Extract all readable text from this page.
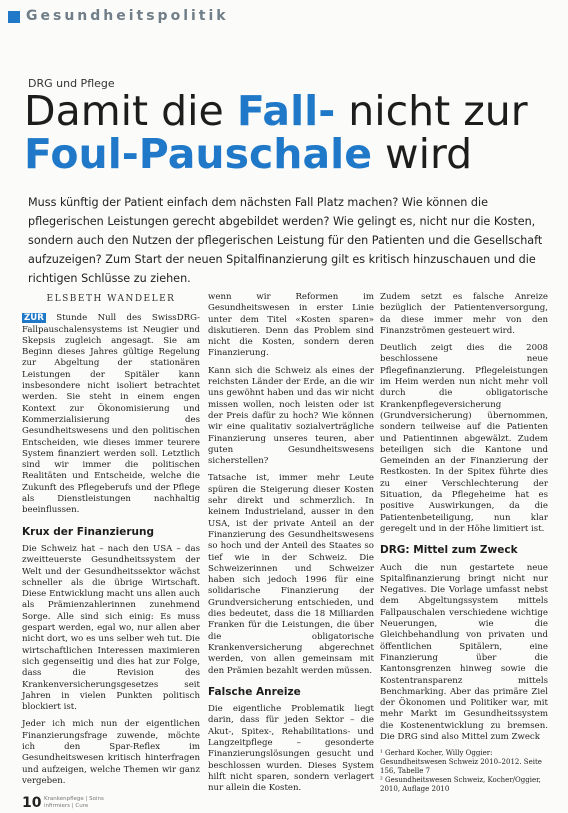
Gesundheitspolitik
DRG und Pflege
Damit die Fall- nicht zur
Foul-Pauschale wird
Muss künftig der Patient einfach dem nächsten Fall Platz machen? Wie können die pflegerischen Leistungen gerecht abgebildet werden? Wie gelingt es, nicht nur die Kosten, sondern auch den Nutzen der pflegerischen Leistung für den Patienten und die Gesellschaft aufzuzeigen? Zum Start der neuen Spitalfinanzierung gilt es kritisch hinzuschauen und die richtigen Schlüsse zu ziehen.
ELSBETH WANDELER

ZUR Stunde Null des SwissDRG-Fallpauschalensystems ist Neugier und Skepsis zugleich angesagt. Sie am Beginn dieses Jahres gültige Regelung zur Abgeltung der stationären Leistungen der Spitäler kann insbesondere nicht isoliert betrachtet werden. Sie steht in einem engen Kontext zur Ökonomisierung und Kommerzialisierung des Gesundheitswesens und den politischen Entscheiden, wie dieses immer teurere System finanziert werden soll. Letztlich sind wir immer die politischen Realitäten und Entscheide, welche die Zukunft des Pflegeberufs und der Pflege als Dienstleistungen nachhaltig beeinflussen.

Krux der Finanzierung

Die Schweiz hat – nach den USA – das zweitteuerste Gesundheitssystem der Welt und der Gesundheitssektor wächst schneller als die übrige Wirtschaft. Diese Entwicklung macht uns allen auch als Prämienzahlerinnen zunehmend Sorge. Alle sind sich einig: Es muss gespart werden, egal wo, nur allen aber nicht dort, wo es uns selber weh tut. Die wirtschaftlichen Interessen maximieren sich gegenseitig und dies hat zur Folge, dass die Revision des Krankenversicherungsgesetzes seit Jahren in vielen Punkten politisch blockiert ist.

Jeder ich mich nun der eigentlichen Finanzierungsfrage zuwende, möchte ich den Spar-Reflex im Gesundheitswesen kritisch hinterfragen und aufzeigen, welche Themen wir ganz vergeben.

wenn wir Reformen im Gesundheitswesen in erster Linie unter dem Titel «Kosten sparen» diskutieren. Denn das Problem sind nicht die Kosten, sondern deren Finanzierung.

Kann sich die Schweiz als eines der reichsten Länder der Erde, an die wir uns gewöhnt haben und das wir nicht missen wollen, noch leisten oder ist der Preis dafür zu hoch? Wie können wir eine qualitativ sozialverträgliche Finanzierung unseres teuren, aber guten Gesundheitswesens sicherstellen?

Tatsache ist, immer mehr Leute spüren die Steigerung dieser Kosten sehr direkt und schmerzlich. In keinem Industrieland, ausser in den USA, ist der private Anteil an der Finanzierung des Gesundheitswesens so hoch und der Anteil des Staates so tief wie in der Schweiz. Die Schweizerinnen und Schweizer haben sich jedoch 1996 für eine solidarische Finanzierung der Grundversicherung entschieden, und dies bedeutet, dass die 18 Milliarden Franken für die Leistungen, die über die obligatorische Krankenversicherung abgerechnet werden, von allen gemeinsam mit den Prämien bezahlt werden müssen.

Falsche Anreize

Die eigentliche Problematik liegt darin, dass für jeden Sektor – die Akut-, Spitex-, Rehabilitations- und Langzeitpflege – gesonderte Finanzierungslösungen gesucht und beschlossen wurden. Dieses System hilft nicht sparen, sondern verlagert nur allein die Kosten.

Zudem setzt es falsche Anreize bezüglich der Patientenversorgung, da diese immer mehr von den Finanzströmen gesteuert wird.

Deutlich zeigt dies die 2008 beschlossene neue Pflegefinanzierung. Pflegeleistungen im Heim werden nun nicht mehr voll durch die obligatorische Krankenpflegeversicherung (Grundversicherung) übernommen, sondern teilweise auf die Patienten und Patientinnen abgewälzt. Zudem beteiligen sich die Kantone und Gemeinden an der Finanzierung der Restkosten. In der Spitex führte dies zu einer Verschlechterung der Situation, da Pflegeheime hat es positive Auswirkungen, da die Patientenbeteiligung, nun klar geregelt und in der Höhe limitiert ist.

DRG: Mittel zum Zweck

Auch die nun gestartete neue Spitalfinanzierung bringt nicht nur Negatives. Die Vorlage umfasst nebst dem Abgeltungssystem mittels Fallpauschalen verschiedene wichtige Neuerungen, wie die Gleichbehandlung von privaten und öffentlichen Spitälern, eine Finanzierung über die Kantonsgrenzen hinweg sowie die Kostentransparenz mittels Benchmarking. Aber das primäre Ziel der Ökonomen und Politiker war, mit mehr Markt im Gesundheitssystem die Kostenentwicklung zu bremsen. Die DRG sind also Mittel zum Zweck

¹ Gerhard Kocher, Willy Oggier: Gesundheitswesen Schweiz 2010–2012. Seite 156, Tabelle 7
² Gesundheitswesen Schweiz, Kocher/Oggier, 2010, Auflage 2010
10 Krankenpflege | Soins
infirmiers | Cure
